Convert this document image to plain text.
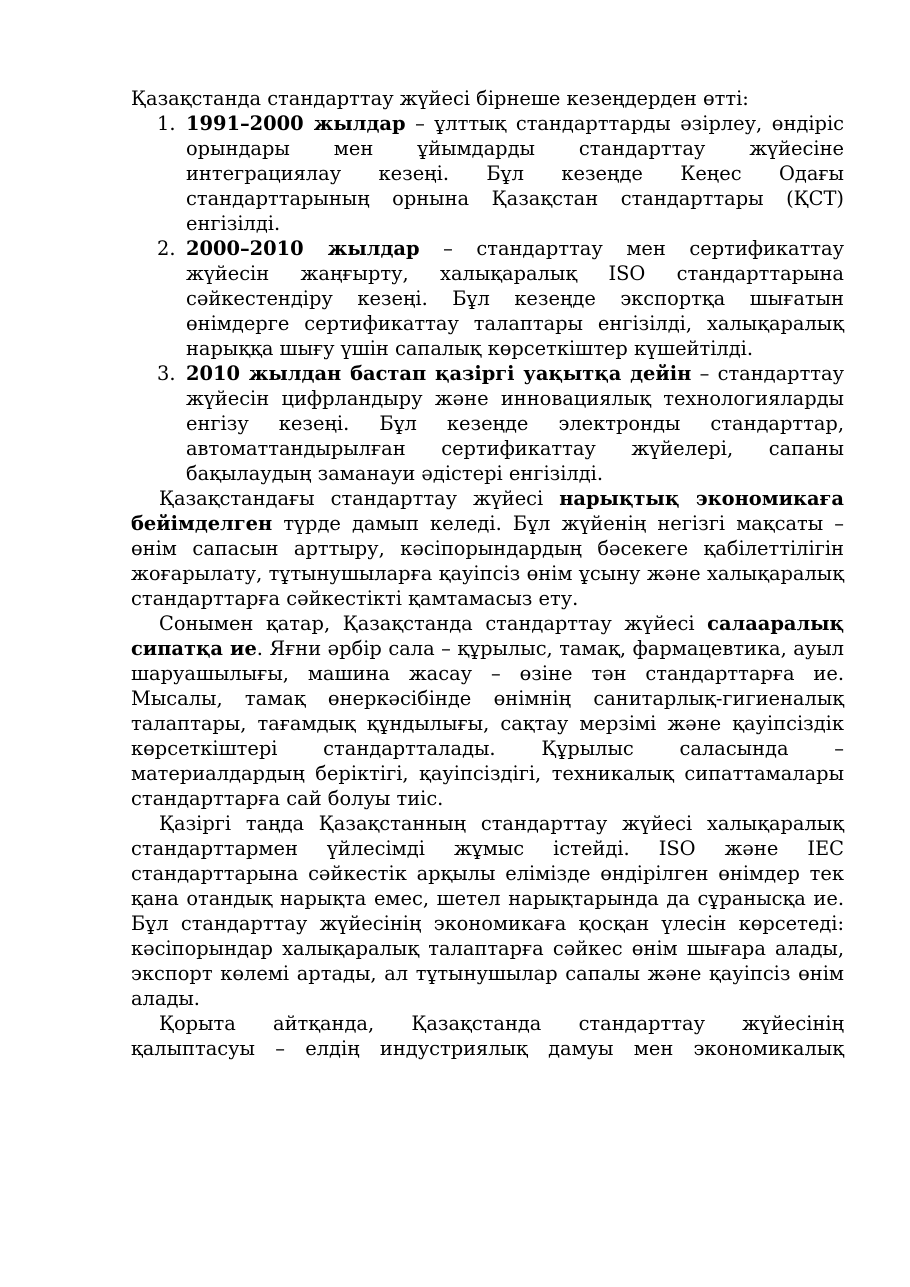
Қазақстанда стандарттау жүйесі бірнеше кезеңдерден өтті:

1. 1991–2000 жылдар – ұлттық стандарттарды әзірлеу, өндіріс орындары мен ұйымдарды стандарттау жүйесіне интеграциялау кезеңі. Бұл кезеңде Кеңес Одағы стандарттарының орнына Қазақстан стандарттары (ҚСТ) енгізілді.
2. 2000–2010 жылдар – стандарттау мен сертификаттау жүйесін жаңғырту, халықаралық ISO стандарттарына сәйкестендіру кезеңі. Бұл кезеңде экспортқа шығатын өнімдерге сертификаттау талаптары енгізілді, халықаралық нарыққа шығу үшін сапалық көрсеткіштер күшейтілді.
3. 2010 жылдан бастап қазіргі уақытқа дейін – стандарттау жүйесін цифрландыру және инновациялық технологияларды енгізу кезеңі. Бұл кезеңде электронды стандарттар, автоматтандырылған сертификаттау жүйелері, сапаны бақылаудың заманауи әдістері енгізілді.

Қазақстандағы стандарттау жүйесі нарықтық экономикаға бейімделген түрде дамып келеді. Бұл жүйенің негізгі мақсаты – өнім сапасын арттыру, кәсіпорындардың бәсекеге қабілеттілігін жоғарылату, тұтынушыларға қауіпсіз өнім ұсыну және халықаралық стандарттарға сәйкестікті қамтамасыз ету.

Сонымен қатар, Қазақстанда стандарттау жүйесі салааралық сипатқа ие. Яғни әрбір сала – құрылыс, тамақ, фармацевтика, ауыл шаруашылығы, машина жасау – өзіне тән стандарттарға ие. Мысалы, тамақ өнеркәсібінде өнімнің санитарлық-гигиеналық талаптары, тағамдық құндылығы, сақтау мерзімі және қауіпсіздік көрсеткіштері стандартталады. Құрылыс саласында – материалдардың беріктігі, қауіпсіздігі, техникалық сипаттамалары стандарттарға сай болуы тиіс.

Қазіргі таңда Қазақстанның стандарттау жүйесі халықаралық стандарттармен үйлесімді жұмыс істейді. ISO және IEC стандарттарына сәйкестік арқылы елімізде өндірілген өнімдер тек қана отандық нарықта емес, шетел нарықтарында да сұранысқа ие. Бұл стандарттау жүйесінің экономикаға қосқан үлесін көрсетеді: кәсіпорындар халықаралық талаптарға сәйкес өнім шығара алады, экспорт көлемі артады, ал тұтынушылар сапалы және қауіпсіз өнім алады.

Қорыта айтқанда, Қазақстанда стандарттау жүйесінің қалыптасуы – елдің индустриялық дамуы мен экономикалық
